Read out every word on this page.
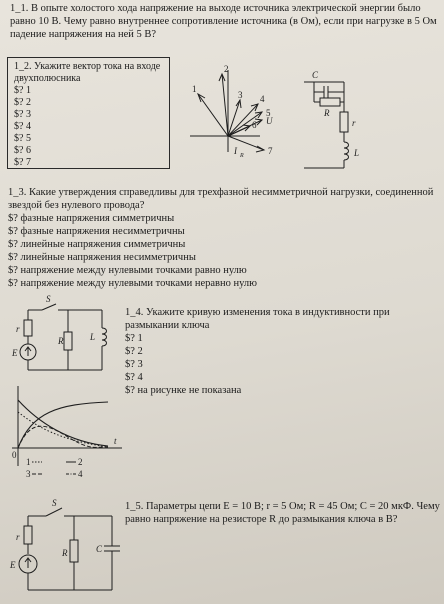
1_1. В опыте холостого хода напряжение на выходе источника электрической энергии было равно 10 В. Чему равно внутреннее сопротивление источника (в Ом), если при нагрузке в 5 Ом падение напряжения на ней 5 В?

1_2. Укажите вектор тока на входе двухполюсника

$? 1
$? 2
$? 3
$? 4
$? 5
$? 6
$? 7
1
2
3 4
5
6
7
I R
U
C
R
r
L

1_3. Какие утверждения справедливы для трехфазной несимметричной нагрузки, соединенной звездой без нулевого провода?
$? фазные напряжения симметричны
$? фазные напряжения несимметричны
$? линейные напряжения симметричны
$? линейные напряжения несимметричны
$? напряжение между нулевыми точками равно нулю
$? напряжение между нулевыми точками неравно нулю

S
r
E
R	L

1_4. Укажите кривую изменения тока в индуктивности при размыкании ключа
$? 1
$? 2
$? 3
$? 4
$? на рисунке не показана

0
t
1	2
3	4
S
r
E
R	C

1_5. Параметры цепи E = 10 В; r = 5 Ом; R = 45 Ом; C = 20 мкФ. Чему равно напряжение на резисторе R до размыкания ключа в В?
